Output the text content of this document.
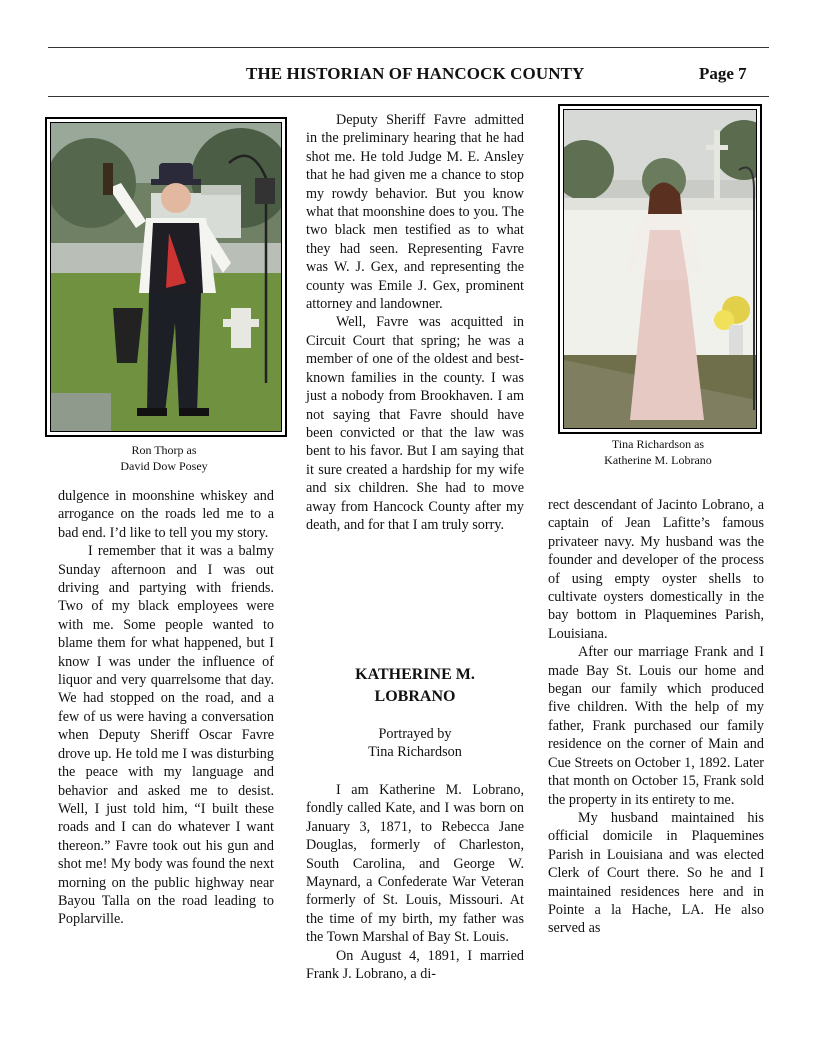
THE HISTORIAN OF HANCOCK COUNTY	Page 7
Ron Thorp as
David Dow Posey
Tina Richardson as
Katherine M. Lobrano

dulgence in moonshine whiskey and arrogance on the roads led me to a bad end. I’d like to tell you my story.

I remember that it was a balmy Sunday afternoon and I was out driving and partying with friends. Two of my black employees were with me. Some people wanted to blame them for what happened, but I know I was under the influence of liquor and very quarrelsome that day. We had stopped on the road, and a few of us were having a conversation when Deputy Sheriff Oscar Favre drove up. He told me I was disturbing the peace with my language and behavior and asked me to desist. Well, I just told him, “I built these roads and I can do whatever I want thereon.” Favre took out his gun and shot me! My body was found the next morning on the public highway near Bayou Talla on the road leading to Poplarville.

Deputy Sheriff Favre admitted in the preliminary hearing that he had shot me. He told Judge M. E. Ansley that he had given me a chance to stop my rowdy behavior. But you know what that moonshine does to you. The two black men testified as to what they had seen. Representing Favre was W. J. Gex, and representing the county was Emile J. Gex, prominent attorney and landowner.

Well, Favre was acquitted in Circuit Court that spring; he was a member of one of the oldest and best-known families in the county. I was just a nobody from Brookhaven. I am not saying that Favre should have been convicted or that the law was bent to his favor. But I am saying that it sure created a hardship for my wife and six children. She had to move away from Hancock County after my death, and for that I am truly sorry.

KATHERINE M.
LOBRANO
Portrayed by
Tina Richardson

I am Katherine M. Lobrano, fondly called Kate, and I was born on January 3, 1871, to Rebecca Jane Douglas, formerly of Charleston, South Carolina, and George W. Maynard, a Confederate War Veteran formerly of St. Louis, Missouri. At the time of my birth, my father was the Town Marshal of Bay St. Louis.

On August 4, 1891, I married Frank J. Lobrano, a di-

rect descendant of Jacinto Lobrano, a captain of Jean Lafitte’s famous privateer navy. My husband was the founder and developer of the process of using empty oyster shells to cultivate oysters domestically in the bay bottom in Plaquemines Parish, Louisiana.

After our marriage Frank and I made Bay St. Louis our home and began our family which produced five children. With the help of my father, Frank purchased our family residence on the corner of Main and Cue Streets on October 1, 1892. Later that month on October 15, Frank sold the property in its entirety to me.

My husband maintained his official domicile in Plaquemines Parish in Louisiana and was elected Clerk of Court there. So he and I maintained residences here and in Pointe a la Hache, LA. He also served as
